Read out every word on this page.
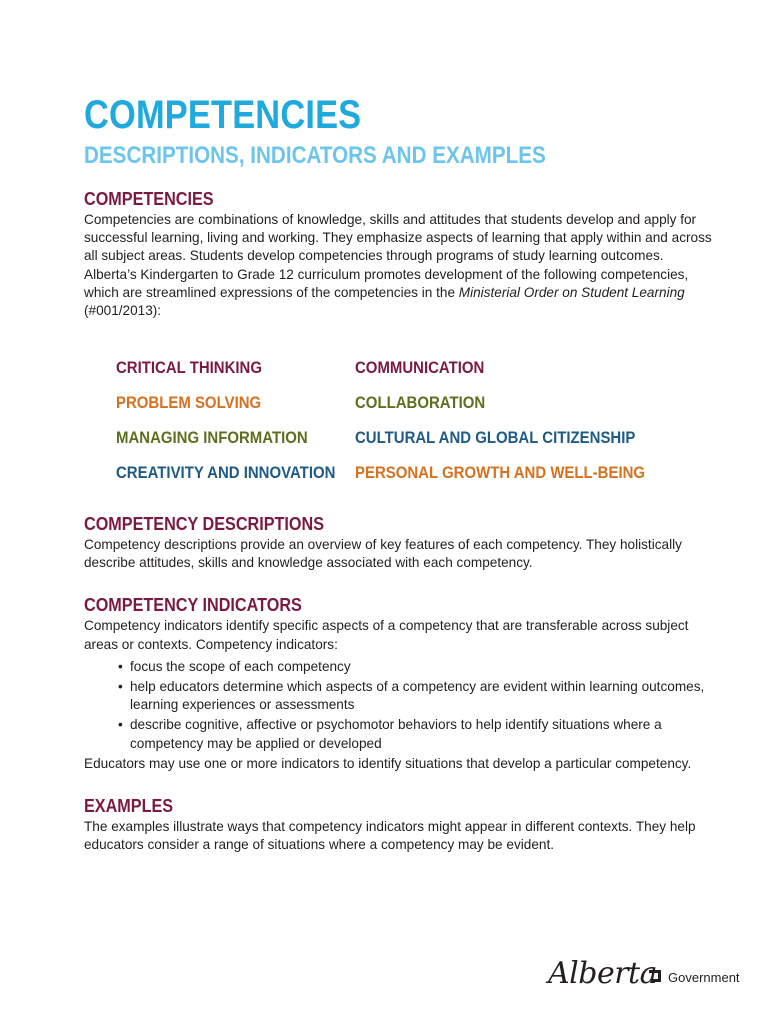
COMPETENCIES
DESCRIPTIONS, INDICATORS AND EXAMPLES
COMPETENCIES

Competencies are combinations of knowledge, skills and attitudes that students develop and apply for successful learning, living and working. They emphasize aspects of learning that apply within and across all subject areas. Students develop competencies through programs of study learning outcomes. Alberta’s Kindergarten to Grade 12 curriculum promotes development of the following competencies, which are streamlined expressions of the competencies in the Ministerial Order on Student Learning (#001/2013):

CRITICAL THINKING
PROBLEM SOLVING
MANAGING INFORMATION
CREATIVITY AND INNOVATION
COMMUNICATION
COLLABORATION
CULTURAL AND GLOBAL CITIZENSHIP
PERSONAL GROWTH AND WELL-BEING
COMPETENCY DESCRIPTIONS

Competency descriptions provide an overview of key features of each competency. They holistically describe attitudes, skills and knowledge associated with each competency.

COMPETENCY INDICATORS

Competency indicators identify specific aspects of a competency that are transferable across subject areas or contexts. Competency indicators:

• focus the scope of each competency
• help educators determine which aspects of a competency are evident within learning outcomes, learning experiences or assessments
• describe cognitive, affective or psychomotor behaviors to help identify situations where a competency may be applied or developed

Educators may use one or more indicators to identify situations that develop a particular competency.

EXAMPLES

The examples illustrate ways that competency indicators might appear in different contexts. They help educators consider a range of situations where a competency may be evident.

Alberta Government
